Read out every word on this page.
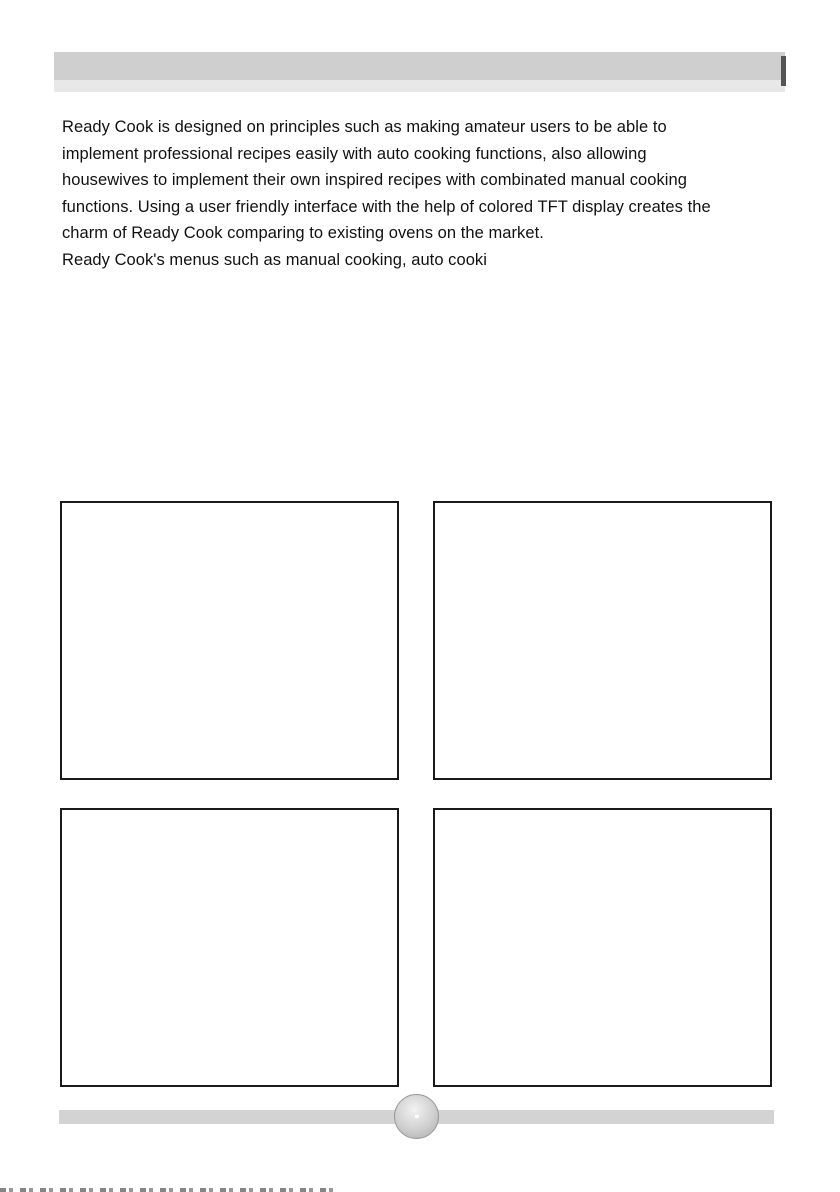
Ready Cook is designed on principles such as making amateur users to be able to

implement professional recipes easily with auto cooking functions, also allowing

housewives to implement their own inspired recipes with combinated manual cooking

functions. Using a user friendly interface with the help of colored TFT display creates the

charm of Ready Cook comparing to existing ovens on the market.

Ready Cook's menus such as manual cooking, auto cooki
